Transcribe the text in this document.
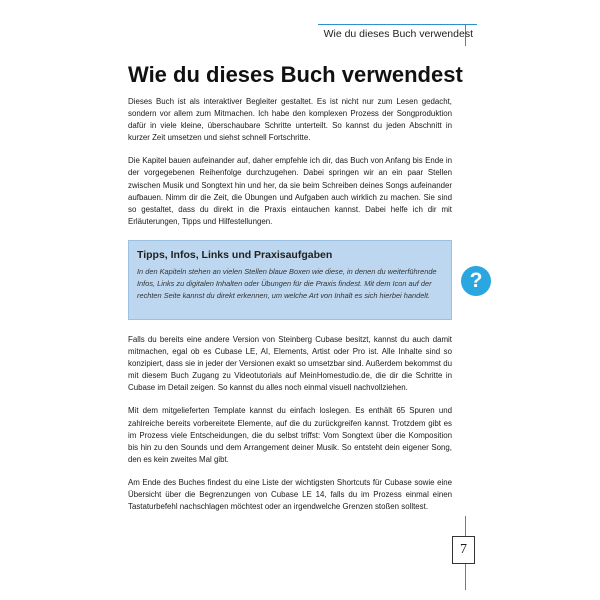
Wie du dieses Buch verwendest
Wie du dieses Buch verwendest

Dieses Buch ist als interaktiver Begleiter gestaltet. Es ist nicht nur zum Lesen gedacht, sondern vor allem zum Mitmachen. Ich habe den komplexen Prozess der Songproduktion dafür in viele kleine, überschaubare Schritte unterteilt. So kannst du jeden Abschnitt in kurzer Zeit umsetzen und siehst schnell Fortschritte.

Die Kapitel bauen aufeinander auf, daher empfehle ich dir, das Buch von Anfang bis Ende in der vorgegebenen Reihenfolge durchzugehen. Dabei springen wir an ein paar Stellen zwischen Musik und Songtext hin und her, da sie beim Schreiben deines Songs aufeinander aufbauen. Nimm dir die Zeit, die Übungen und Aufgaben auch wirklich zu machen. Sie sind so gestaltet, dass du direkt in die Praxis eintauchen kannst. Dabei helfe ich dir mit Erläuterungen, Tipps und Hilfestellungen.

Tipps, Infos, Links und Praxisaufgaben

In den Kapiteln stehen an vielen Stellen blaue Boxen wie diese, in denen du weiterführende Infos, Links zu digitalen Inhalten oder Übungen für die Praxis findest. Mit dem Icon auf der rechten Seite kannst du direkt erkennen, um welche Art von Inhalt es sich hierbei handelt.

?

Falls du bereits eine andere Version von Steinberg Cubase besitzt, kannst du auch damit mitmachen, egal ob es Cubase LE, AI, Elements, Artist oder Pro ist. Alle Inhalte sind so konzipiert, dass sie in jeder der Versionen exakt so umsetzbar sind. Außerdem bekommst du mit diesem Buch Zugang zu Videotutorials auf MeinHomestudio.de, die dir die Schritte in Cubase im Detail zeigen. So kannst du alles noch einmal visuell nachvollziehen.

Mit dem mitgelieferten Template kannst du einfach loslegen. Es enthält 65 Spuren und zahlreiche bereits vorbereitete Elemente, auf die du zurückgreifen kannst. Trotzdem gibt es im Prozess viele Entscheidungen, die du selbst triffst: Vom Songtext über die Komposition bis hin zu den Sounds und dem Arrangement deiner Musik. So entsteht dein eigener Song, den es kein zweites Mal gibt.

Am Ende des Buches findest du eine Liste der wichtigsten Shortcuts für Cubase sowie eine Übersicht über die Begrenzungen von Cubase LE 14, falls du im Prozess einmal einen Tastaturbefehl nachschlagen möchtest oder an irgendwelche Grenzen stoßen solltest.

7
